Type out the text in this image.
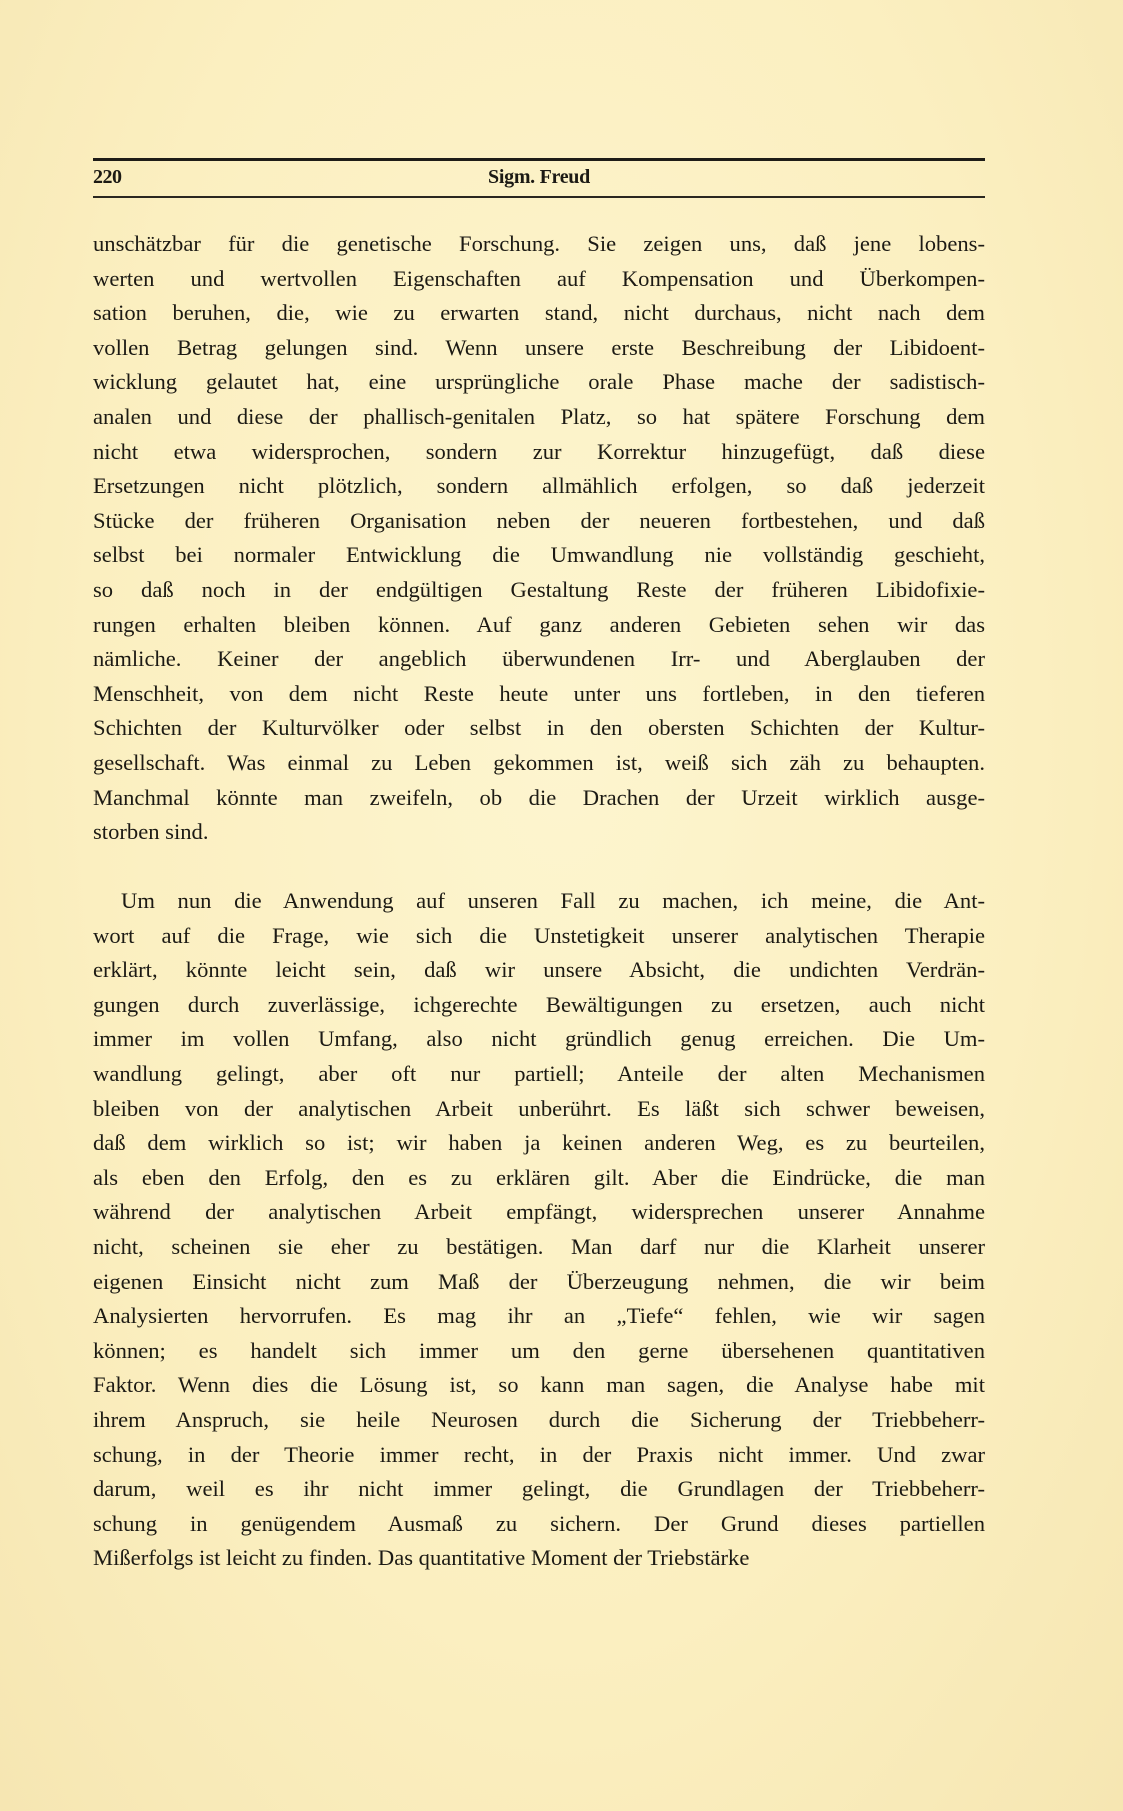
220	Sigm. Freud
unschätzbar für die genetische Forschung. Sie zeigen uns, daß jene lobens-
werten und wertvollen Eigenschaften auf Kompensation und Überkompen-
sation beruhen, die, wie zu erwarten stand, nicht durchaus, nicht nach dem
vollen Betrag gelungen sind. Wenn unsere erste Beschreibung der Libidoent-
wicklung gelautet hat, eine ursprüngliche orale Phase mache der sadistisch-
analen und diese der phallisch-genitalen Platz, so hat spätere Forschung dem
nicht etwa widersprochen, sondern zur Korrektur hinzugefügt, daß diese
Ersetzungen nicht plötzlich, sondern allmählich erfolgen, so daß jederzeit
Stücke der früheren Organisation neben der neueren fortbestehen, und daß
selbst bei normaler Entwicklung die Umwandlung nie vollständig geschieht,
so daß noch in der endgültigen Gestaltung Reste der früheren Libidofixie-
rungen erhalten bleiben können. Auf ganz anderen Gebieten sehen wir das
nämliche. Keiner der angeblich überwundenen Irr- und Aberglauben der
Menschheit, von dem nicht Reste heute unter uns fortleben, in den tieferen
Schichten der Kulturvölker oder selbst in den obersten Schichten der Kultur-
gesellschaft. Was einmal zu Leben gekommen ist, weiß sich zäh zu behaupten.
Manchmal könnte man zweifeln, ob die Drachen der Urzeit wirklich ausge-
storben sind.
Um nun die Anwendung auf unseren Fall zu machen, ich meine, die Ant-
wort auf die Frage, wie sich die Unstetigkeit unserer analytischen Therapie
erklärt, könnte leicht sein, daß wir unsere Absicht, die undichten Verdrän-
gungen durch zuverlässige, ichgerechte Bewältigungen zu ersetzen, auch nicht
immer im vollen Umfang, also nicht gründlich genug erreichen. Die Um-
wandlung gelingt, aber oft nur partiell; Anteile der alten Mechanismen
bleiben von der analytischen Arbeit unberührt. Es läßt sich schwer beweisen,
daß dem wirklich so ist; wir haben ja keinen anderen Weg, es zu beurteilen,
als eben den Erfolg, den es zu erklären gilt. Aber die Eindrücke, die man
während der analytischen Arbeit empfängt, widersprechen unserer Annahme
nicht, scheinen sie eher zu bestätigen. Man darf nur die Klarheit unserer
eigenen Einsicht nicht zum Maß der Überzeugung nehmen, die wir beim
Analysierten hervorrufen. Es mag ihr an „Tiefe“ fehlen, wie wir sagen
können; es handelt sich immer um den gerne übersehenen quantitativen
Faktor. Wenn dies die Lösung ist, so kann man sagen, die Analyse habe mit
ihrem Anspruch, sie heile Neurosen durch die Sicherung der Triebbeherr-
schung, in der Theorie immer recht, in der Praxis nicht immer. Und zwar
darum, weil es ihr nicht immer gelingt, die Grundlagen der Triebbeherr-
schung in genügendem Ausmaß zu sichern. Der Grund dieses partiellen
Mißerfolgs ist leicht zu finden. Das quantitative Moment der Triebstärke
